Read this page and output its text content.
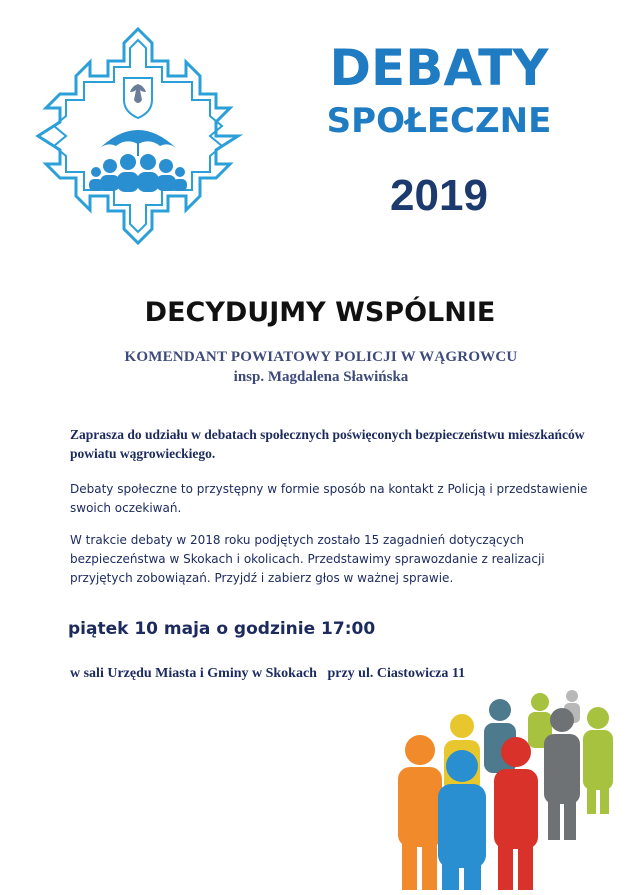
DEBATY
SPOŁECZNE
2019
DECYDUJMY WSPÓLNIE
KOMENDANT POWIATOWY POLICJI W WĄGROWCU
insp. Magdalena Sławińska
Zaprasza do udziału w debatach społecznych poświęconych bezpieczeństwu mieszkańców powiatu wągrowieckiego.
Debaty społeczne to przystępny w formie sposób na kontakt z Policją i przedstawienie swoich oczekiwań.
W trakcie debaty w 2018 roku podjętych zostało 15 zagadnień dotyczących bezpieczeństwa w Skokach i okolicach. Przedstawimy sprawozdanie z realizacji przyjętych zobowiązań. Przyjdź i zabierz głos w ważnej sprawie.
piątek 10 maja o godzinie 17:00
w sali Urzędu Miasta i Gminy w Skokach   przy ul. Ciastowicza 11
